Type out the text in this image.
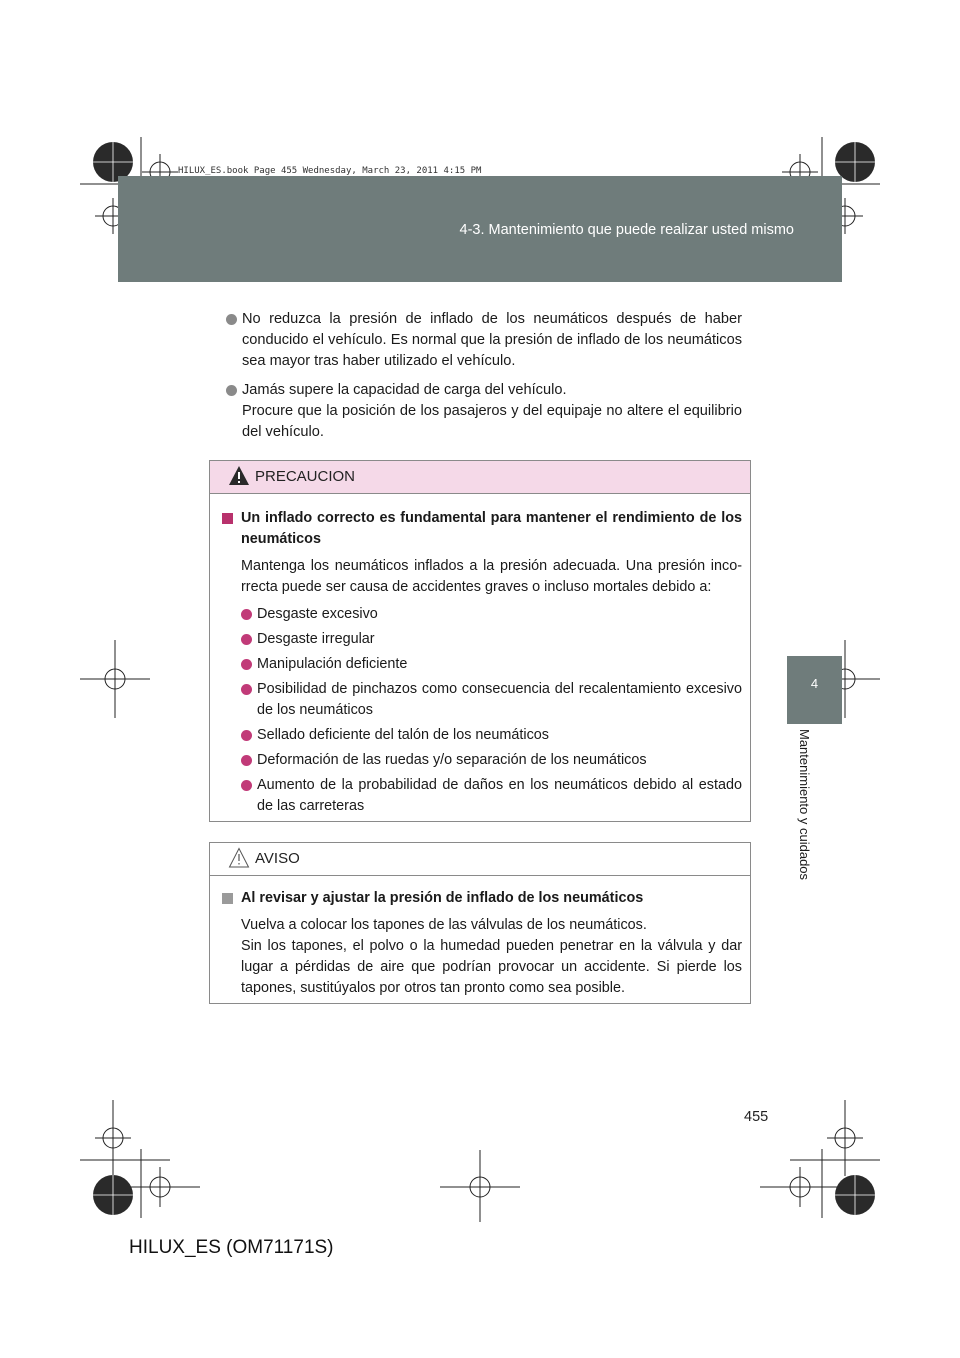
4-3. Mantenimiento que puede realizar usted mismo
HILUX_ES.book Page 455 Wednesday, March 23, 2011 4:15 PM
4
Mantenimiento y cuidados
No reduzca la presión de inflado de los neumáticos después de haber conducido el vehículo. Es normal que la presión de inflado de los neumáticos sea mayor tras haber utilizado el vehículo.
Jamás supere la capacidad de carga del vehículo.
Procure que la posición de los pasajeros y del equipaje no altere el equilibrio del vehículo.
PRECAUCION
Un inflado correcto es fundamental para mantener el rendimiento de los neumáticos
Mantenga los neumáticos inflados a la presión adecuada. Una presión incorrecta puede ser causa de accidentes graves o incluso mortales debido a:
Desgaste excesivo
Desgaste irregular
Manipulación deficiente
Posibilidad de pinchazos como consecuencia del recalentamiento excesivo de los neumáticos
Sellado deficiente del talón de los neumáticos
Deformación de las ruedas y/o separación de los neumáticos
Aumento de la probabilidad de daños en los neumáticos debido al estado de las carreteras
AVISO
Al revisar y ajustar la presión de inflado de los neumáticos
Vuelva a colocar los tapones de las válvulas de los neumáticos.
Sin los tapones, el polvo o la humedad pueden penetrar en la válvula y dar lugar a pérdidas de aire que podrían provocar un accidente. Si pierde los tapones, sustitúyalos por otros tan pronto como sea posible.
455
HILUX_ES (OM71171S)
